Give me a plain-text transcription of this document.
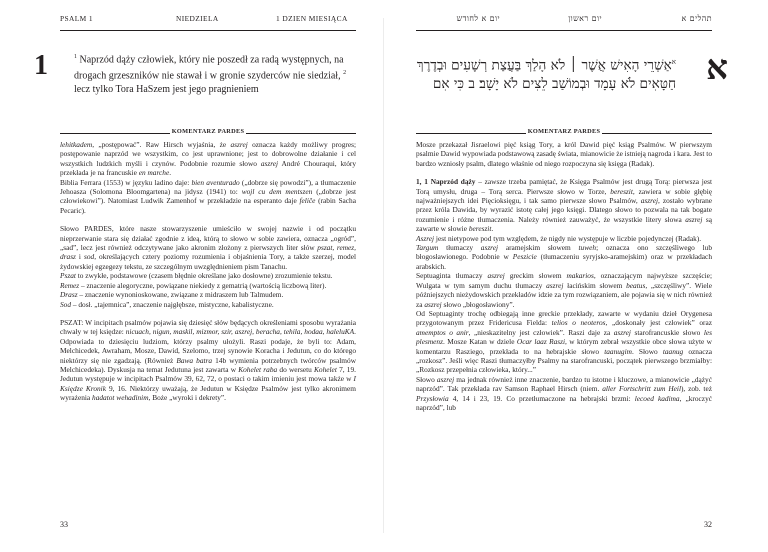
PSALM 1	NIEDZIELA	1 DZIEN MIESIĄCA
1	$^1$ Naprzód dąży człowiek, który nie poszedł za radą występnych, na drogach grzeszników nie stawał i w gronie szyderców nie siedział, $^2$ lecz tylko Tora HaSzem jest jego pragnieniem
KOMENTARZ PARDES

lehitkadem, „postępować”. Raw Hirsch wyjaśnia, że aszrej oznacza każdy możliwy progres; postępowanie naprzód we wszystkim, co jest uprawnione; jest to dobrowolne działanie i cel wszystkich ludzkich myśli i czynów. Podobnie rozumie słowo aszrej André Chouraqui, który przekłada je na francuskie en marche.

Biblia Ferrara (1553) w języku ladino daje: bien aventurado („dobrze się powodzi”), a tłumaczenie Jehoasza (Solomona Bloomgartena) na jidysz (1941) to: wojl cu dem mentszen („dobrze jest człowiekowi”). Natomiast Ludwik Zamenhof w przekładzie na esperanto daje feliĉe (rabin Sacha Pecaric).

Słowo PARDES, które nasze stowarzyszenie umieściło w swojej nazwie i od początku nieprzerwanie stara się działać zgodnie z ideą, którą to słowo w sobie zawiera, oznacza „ogród”, „sad”, lecz jest również odczytywane jako akronim złożony z pierwszych liter słów pszat, remez, drasz i sod, określających cztery poziomy rozumienia i objaśnienia Tory, a także szerzej, model żydowskiej egzegezy tekstu, ze szczególnym uwzględnieniem pism Tanachu.

Pszat to zwykłe, podstawowe (czasem błędnie określane jako dosłowne) zrozumienie tekstu.

Remez – znaczenie alegoryczne, powiązane niekiedy z gematrią (wartością liczbową liter).

Drasz – znaczenie wynonioskowane, związane z midraszem lub Talmudem.

Sod – dosł. „tajemnica”, znaczenie najgłębsze, mistyczne, kabalistyczne.

PSZAT: W incipitach psalmów pojawia się dziesięć słów będących określeniami sposobu wyrażania chwały w tej księdze: nicuach, nigun, maskil, mizmor, szir, aszrej, beracha, tehila, hodaa, haleluKA. Odpowiada to dziesięciu ludziom, którzy psalmy ułożyli. Raszi podaje, że byli to: Adam, Melchicedek, Awraham, Mosze, Dawid, Szelomo, trzej synowie Koracha i Jedutun, co do którego niektórzy się nie zgadzają. (Również Bawa batra 14b wymienia potrzebnych twórców psalmów Melchicedeka). Dyskusja na temat Jedutuna jest zawarta w Kohelet raba do wersetu Kohelet 7, 19. Jedutun występuje w incipitach Psalmów 39, 62, 72, o postaci o takim imieniu jest mowa także w I Księdze Kronik 9, 16. Niektórzy uważają, że Jedutun w Księdze Psalmów jest tylko akronimem wyrażenia hadatot wehadinim, Boże „wyroki i dekrety”.

33
יום א לחודש	יום ראשון	תהלים א
$^א$אַשְׁרֵי הָאִישׁ אֲשֶׁר ׀ לֹא הָלַךְ בַּעֲצַת רְשָׁעִים וּבְדֶרֶךְ
חַטָּאִים לֹא עָמָד וּבְמוֹשַׁב לֵצִים לֹא יָשָׁב׃ ב כִּי אִם א
KOMENTARZ PARDES

Mosze przekazał Jisraelowi pięć ksiąg Tory, a król Dawid pięć ksiąg Psalmów. W pierwszym psalmie Dawid wypowiada podstawową zasadę świata, mianowicie że istnieją nagroda i kara. Jest to bardzo wzniosły psalm, dlatego właśnie od niego rozpoczyna się księga (Radak).

1, 1 Naprzód dąży – zawsze trzeba pamiętać, że Księga Psalmów jest drugą Torą: pierwsza jest Torą umysłu, druga – Torą serca. Pierwsze słowo w Torze, bereszit, zawiera w sobie głębię najważniejszych idei Pięcioksięgu, i tak samo pierwsze słowo Psalmów, aszrej, zostało wybrane przez króla Dawida, by wyrazić istotę całej jego księgi. Dlatego słowo to pozwala na tak bogate rozumienie i różne tłumaczenia. Należy również zauważyć, że wszystkie litery słowa aszrej są zawarte w słowie bereszit.

Aszrej jest nietypowe pod tym względem, że nigdy nie występuje w liczbie pojedynczej (Radak).

Targum tłumaczy aszrej aramejskim słowem tuweh; oznacza ono szczęśliwego lub błogosławionego. Podobnie w Peszicie (tłumaczeniu syryjsko-aramejskim) oraz w przekładach arabskich.

Septuaginta tłumaczy aszrej greckim słowem makarios, oznaczającym najwyższe szczęście; Wulgata w tym samym duchu tłumaczy aszrej łacińskim słowem beatus, „szczęśliwy”. Wiele późniejszych nieżydowskich przekładów idzie za tym rozwiązaniem, ale pojawia się w nich również za aszrej słowo „błogosławiony”.

Od Septuaginty trochę odbiegają inne greckie przekłady, zawarte w wydaniu dzieł Orygenesa przygotowanym przez Fridericusa Fielda: telios o neoteros, „doskonały jest człowiek” oraz amemptos o anir, „nieskazitelny jest człowiek”. Raszi daje za aszrej starofrancuskie słowo les plesmenz. Mosze Katan w dziele Ocar laaz Raszi, w którym zebrał wszystkie obce słowa użyte w komentarzu Rasziego, przekłada to na hebrajskie słowo taanugim. Słowo taanug oznacza „rozkosz”. Jeśli więc Raszi tłumaczyłby Psalmy na starofrancuski, początek pierwszego brzmiałby: „Rozkosz przepełnia człowieka, który...”

Słowo aszrej ma jednak również inne znaczenie, bardzo tu istotne i kluczowe, a mianowicie „dążyć naprzód”. Tak przekłada rav Samson Raphael Hirsch (niem. aller Fortschritt zum Heil), zob. też Przysłowia 4, 14 i 23, 19. Co przetłumaczone na hebrajski brzmi: lecoed kadima, „kroczyć naprzód”, lub

32
